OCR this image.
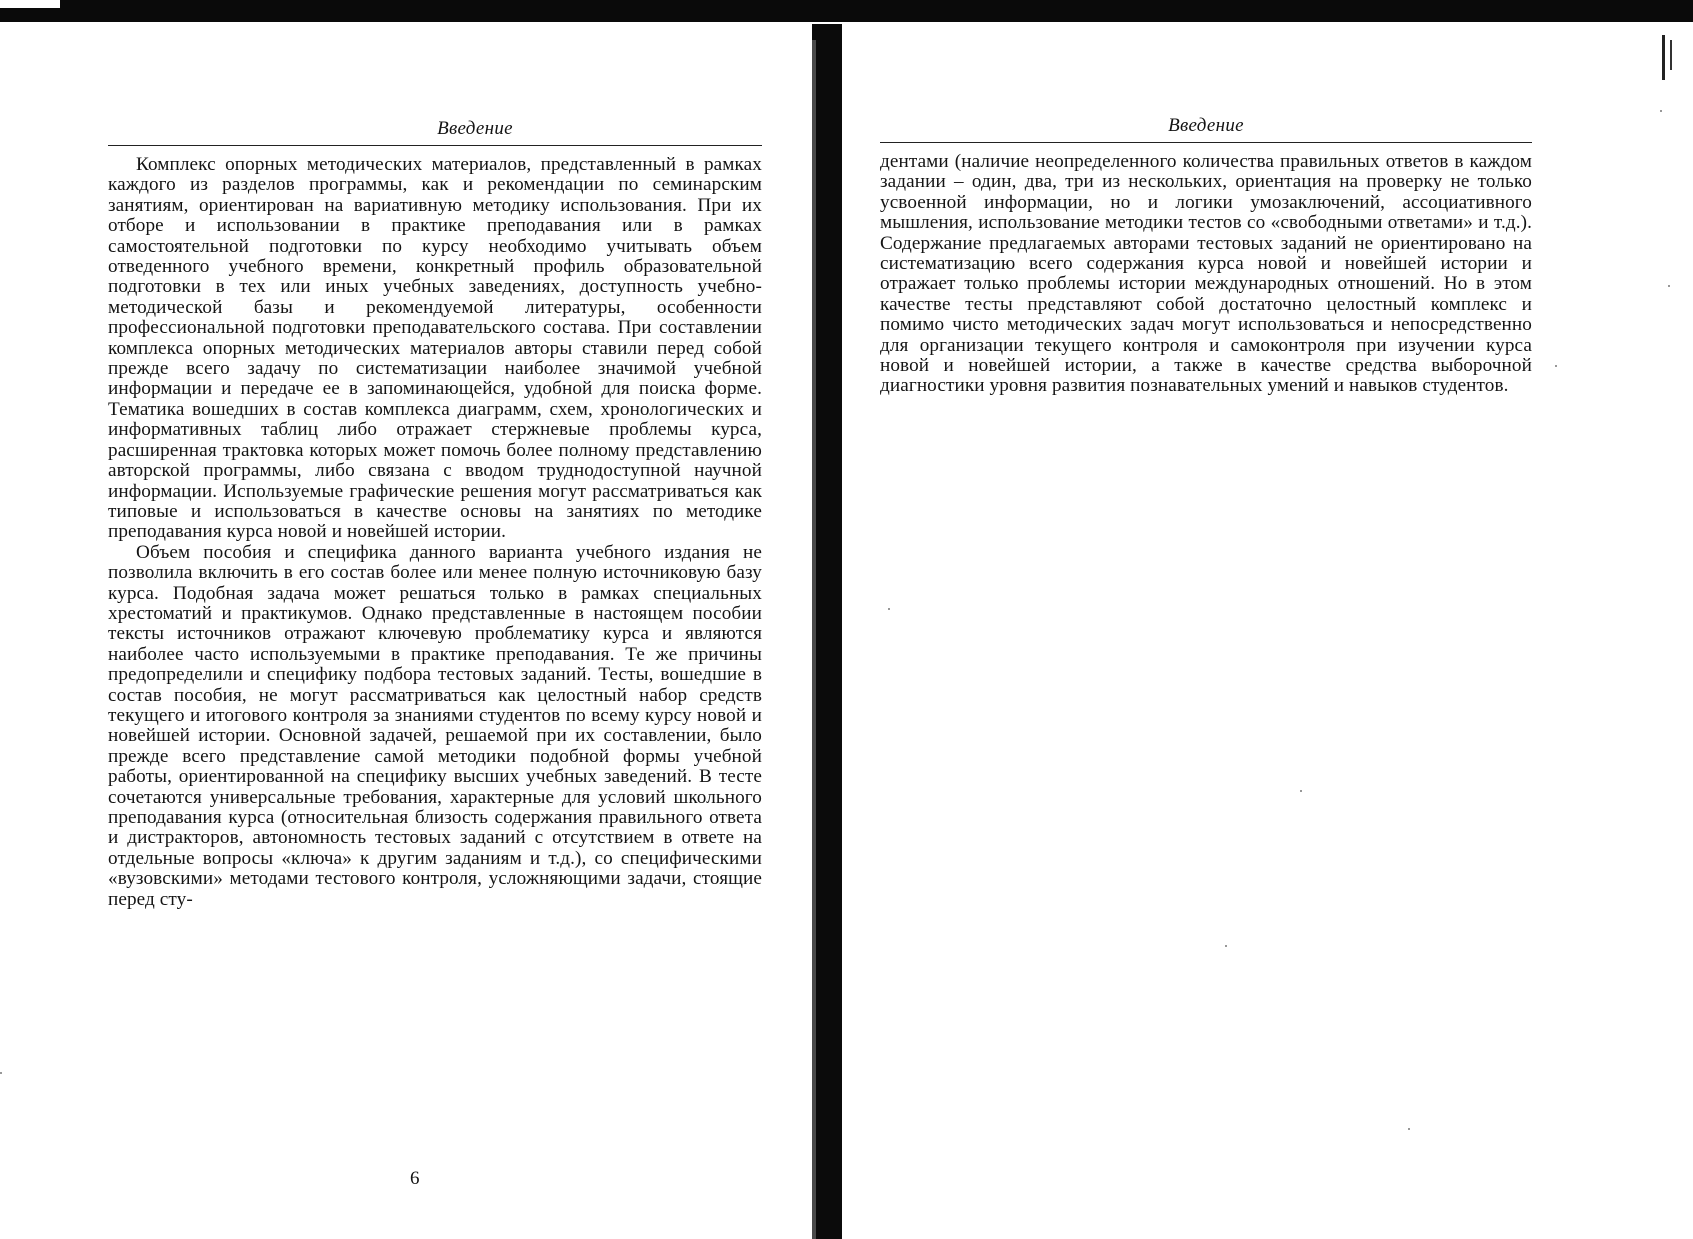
Введение

Комплекс опорных методических материалов, представленный в рамках каждого из разделов программы, как и рекомендации по семинарским занятиям, ориентирован на вариативную методику использования. При их отборе и использовании в практике преподавания или в рамках самостоятельной подготовки по курсу необходимо учитывать объем отведенного учебного времени, конкретный профиль образовательной подготовки в тех или иных учебных заведениях, доступность учебно-методической базы и рекомендуемой литературы, особенности профессиональной подготовки преподавательского состава. При составлении комплекса опорных методических материалов авторы ставили перед собой прежде всего задачу по систематизации наиболее значимой учебной информации и передаче ее в запоминающейся, удобной для поиска форме. Тематика вошедших в состав комплекса диаграмм, схем, хронологических и информативных таблиц либо отражает стержневые проблемы курса, расширенная трактовка которых может помочь более полному представлению авторской программы, либо связана с вводом труднодоступной научной информации. Используемые графические решения могут рассматриваться как типовые и использоваться в качестве основы на занятиях по методике преподавания курса новой и новейшей истории.

Объем пособия и специфика данного варианта учебного издания не позволила включить в его состав более или менее полную источниковую базу курса. Подобная задача может решаться только в рамках специальных хрестоматий и практикумов. Однако представленные в настоящем пособии тексты источников отражают ключевую проблематику курса и являются наиболее часто используемыми в практике преподавания. Те же причины предопределили и специфику подбора тестовых заданий. Тесты, вошедшие в состав пособия, не могут рассматриваться как целостный набор средств текущего и итогового контроля за знаниями студентов по всему курсу новой и новейшей истории. Основной задачей, решаемой при их составлении, было прежде всего представление самой методики подобной формы учебной работы, ориентированной на специфику высших учебных заведений. В тесте сочетаются универсальные требования, характерные для условий школьного преподавания курса (относительная близость содержания правильного ответа и дистракторов, автономность тестовых заданий с отсутствием в ответе на отдельные вопросы «ключа» к другим заданиям и т.д.), со специфическими «вузовскими» методами тестового контроля, усложняющими задачи, стоящие перед сту-

6
Введение

дентами (наличие неопределенного количества правильных ответов в каждом задании – один, два, три из нескольких, ориентация на проверку не только усвоенной информации, но и логики умозаключений, ассоциативного мышления, использование методики тестов со «свободными ответами» и т.д.). Содержание предлагаемых авторами тестовых заданий не ориентировано на систематизацию всего содержания курса новой и новейшей истории и отражает только проблемы истории международных отношений. Но в этом качестве тесты представляют собой достаточно целостный комплекс и помимо чисто методических задач могут использоваться и непосредственно для организации текущего контроля и самоконтроля при изучении курса новой и новейшей истории, а также в качестве средства выборочной диагностики уровня развития познавательных умений и навыков студентов.
